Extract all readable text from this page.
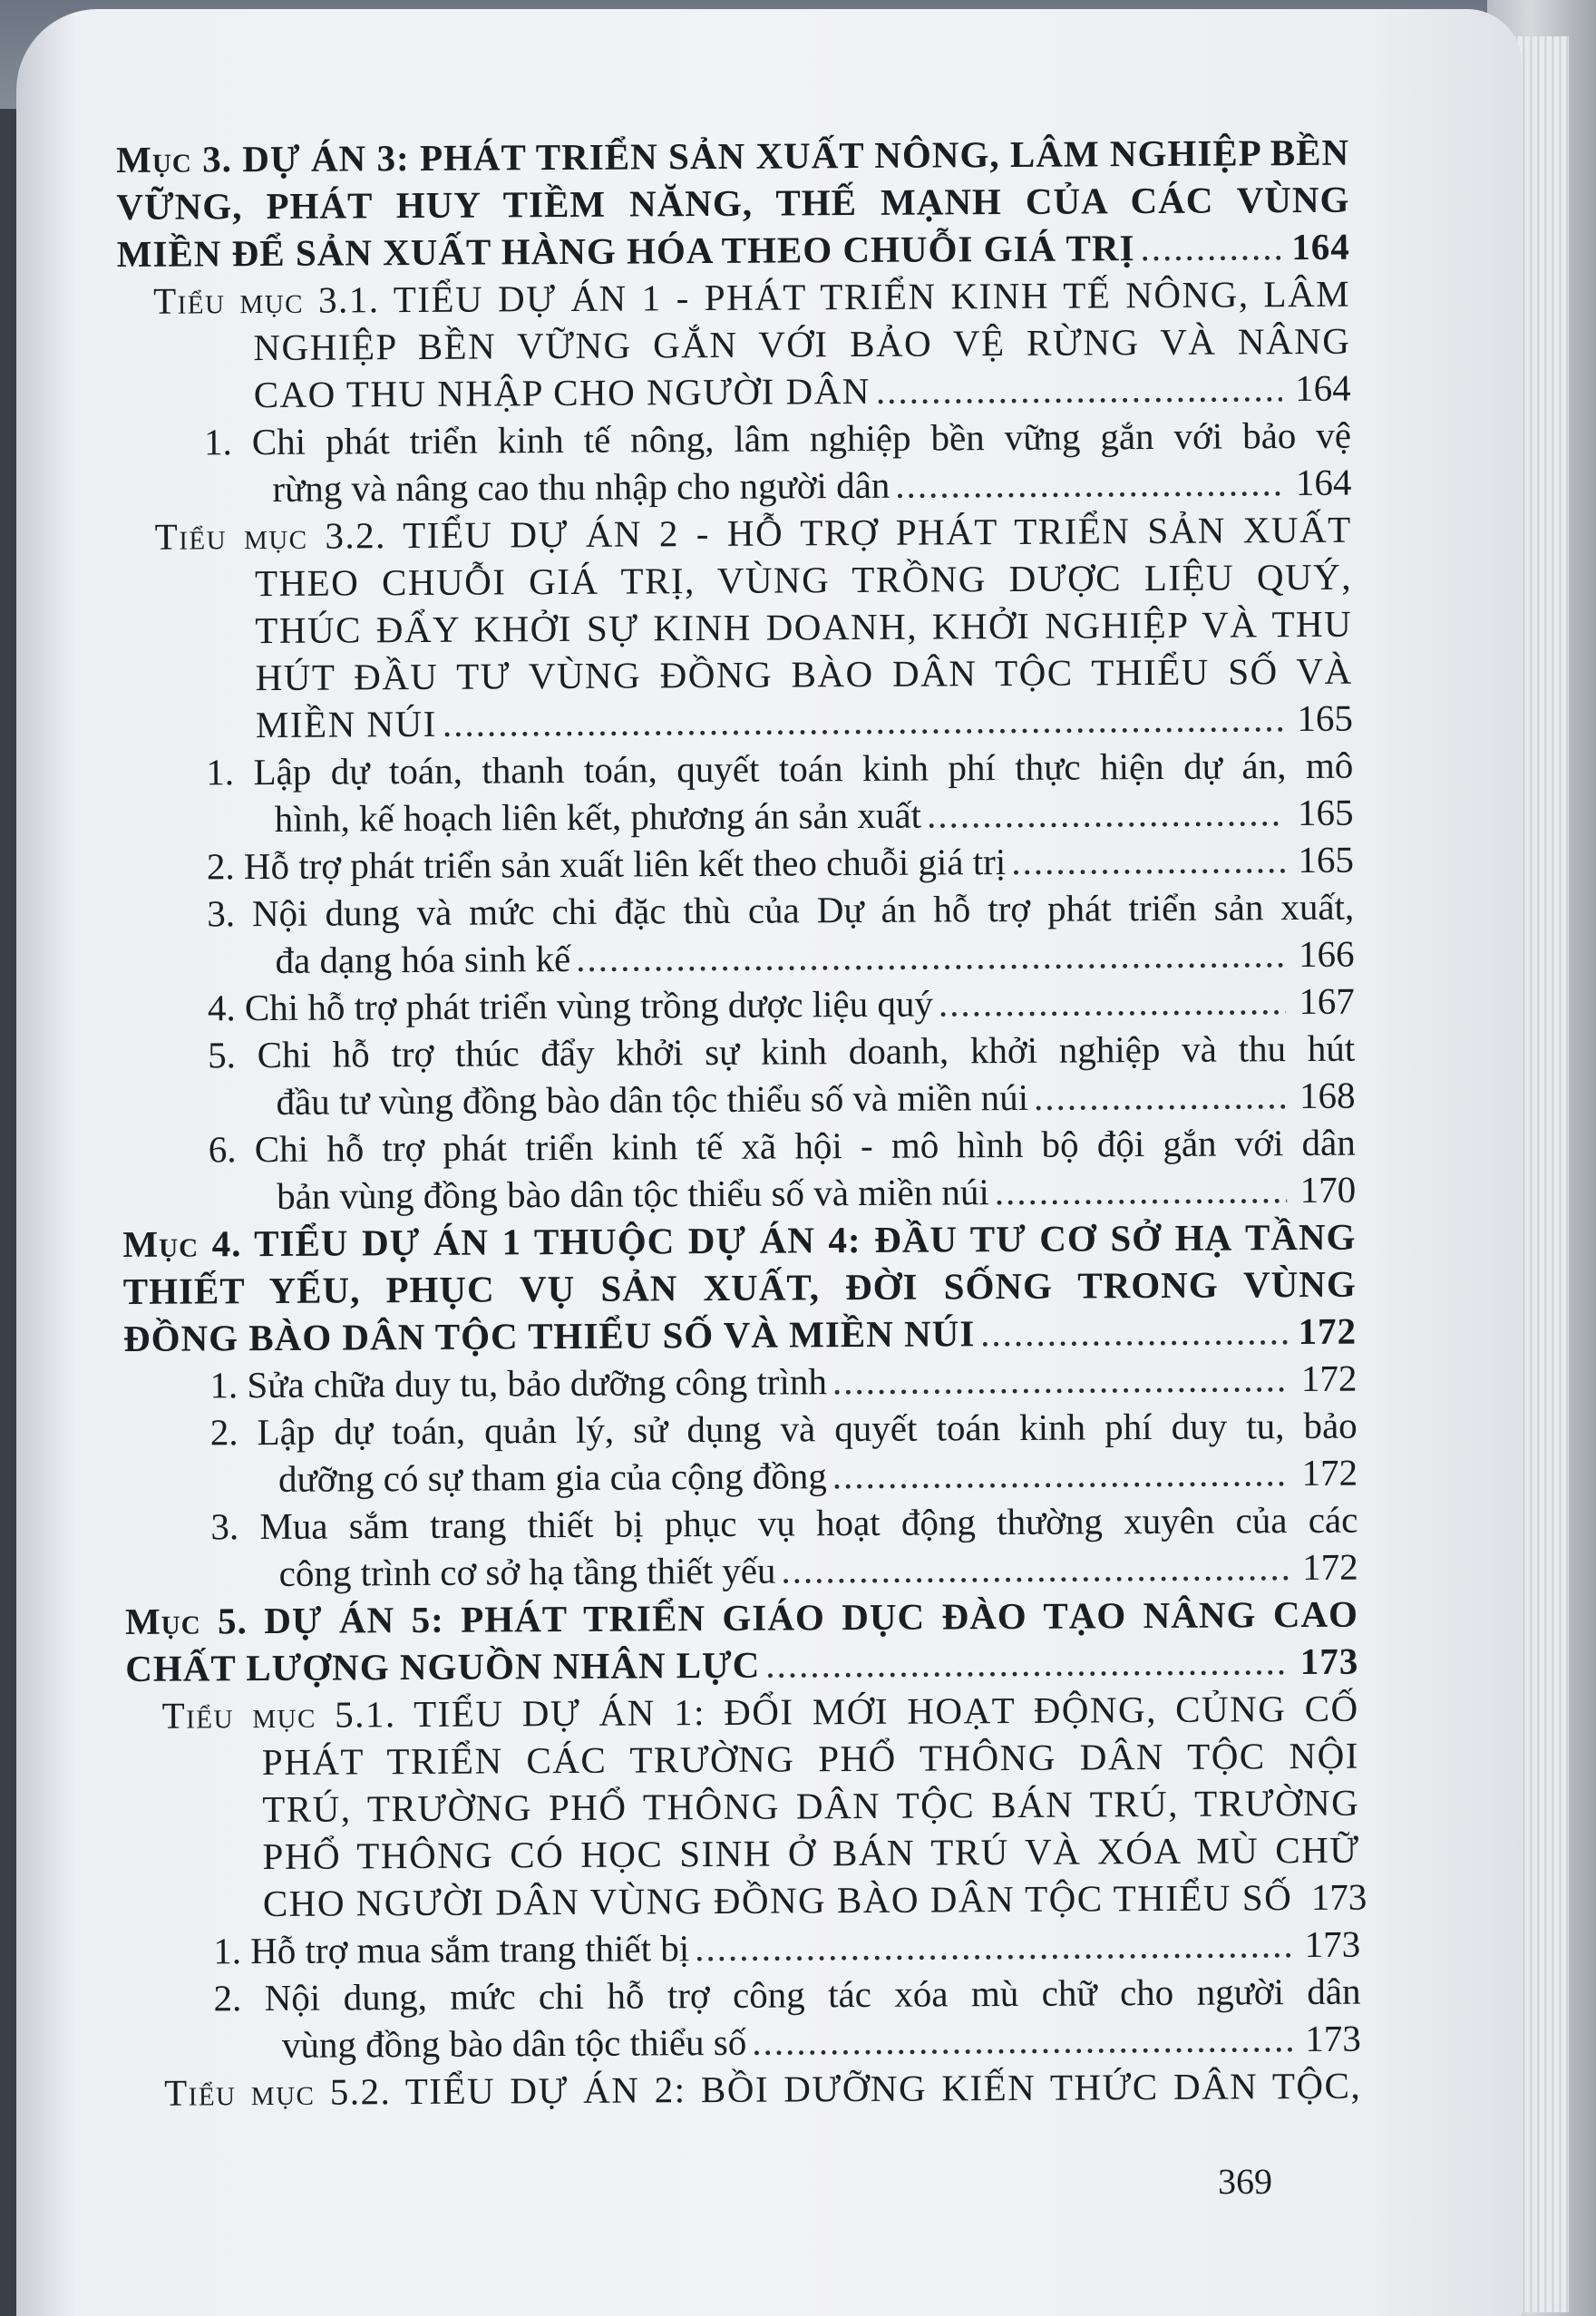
Mục 3. DỰ ÁN 3: PHÁT TRIỂN SẢN XUẤT NÔNG, LÂM NGHIỆP BỀN
VỮNG, PHÁT HUY TIỀM NĂNG, THẾ MẠNH CỦA CÁC VÙNG
MIỀN ĐỂ SẢN XUẤT HÀNG HÓA THEO CHUỖI GIÁ TRỊ .....	164
Tiểu mục 3.1. TIỂU DỰ ÁN 1 - PHÁT TRIỂN KINH TẾ NÔNG, LÂM
NGHIỆP BỀN VỮNG GẮN VỚI BẢO VỆ RỪNG VÀ NÂNG
CAO THU NHẬP CHO NGƯỜI DÂN .....	164
1. Chi phát triển kinh tế nông, lâm nghiệp bền vững gắn với bảo vệ
rừng và nâng cao thu nhập cho người dân .....	164
Tiểu mục 3.2. TIỂU DỰ ÁN 2 - HỖ TRỢ PHÁT TRIỂN SẢN XUẤT
THEO CHUỖI GIÁ TRỊ, VÙNG TRỒNG DƯỢC LIỆU QUÝ,
THÚC ĐẨY KHỞI SỰ KINH DOANH, KHỞI NGHIỆP VÀ THU
HÚT ĐẦU TƯ VÙNG ĐỒNG BÀO DÂN TỘC THIỂU SỐ VÀ
MIỀN NÚI .....	165
1. Lập dự toán, thanh toán, quyết toán kinh phí thực hiện dự án, mô
hình, kế hoạch liên kết, phương án sản xuất .....	165
2. Hỗ trợ phát triển sản xuất liên kết theo chuỗi giá trị .....	165
3. Nội dung và mức chi đặc thù của Dự án hỗ trợ phát triển sản xuất,
đa dạng hóa sinh kế .....	166
4. Chi hỗ trợ phát triển vùng trồng dược liệu quý .....	167
5. Chi hỗ trợ thúc đẩy khởi sự kinh doanh, khởi nghiệp và thu hút
đầu tư vùng đồng bào dân tộc thiểu số và miền núi .....	168
6. Chi hỗ trợ phát triển kinh tế xã hội - mô hình bộ đội gắn với dân
bản vùng đồng bào dân tộc thiểu số và miền núi .....	170
Mục 4. TIỂU DỰ ÁN 1 THUỘC DỰ ÁN 4: ĐẦU TƯ CƠ SỞ HẠ TẦNG
THIẾT YẾU, PHỤC VỤ SẢN XUẤT, ĐỜI SỐNG TRONG VÙNG
ĐỒNG BÀO DÂN TỘC THIỂU SỐ VÀ MIỀN NÚI .....	172
1. Sửa chữa duy tu, bảo dưỡng công trình .....	172
2. Lập dự toán, quản lý, sử dụng và quyết toán kinh phí duy tu, bảo
dưỡng có sự tham gia của cộng đồng .....	172
3. Mua sắm trang thiết bị phục vụ hoạt động thường xuyên của các
công trình cơ sở hạ tầng thiết yếu .....	172
Mục 5. DỰ ÁN 5: PHÁT TRIỂN GIÁO DỤC ĐÀO TẠO NÂNG CAO
CHẤT LƯỢNG NGUỒN NHÂN LỰC .....	173
Tiểu mục 5.1. TIỂU DỰ ÁN 1: ĐỔI MỚI HOẠT ĐỘNG, CỦNG CỐ
PHÁT TRIỂN CÁC TRƯỜNG PHỔ THÔNG DÂN TỘC NỘI
TRÚ, TRƯỜNG PHỔ THÔNG DÂN TỘC BÁN TRÚ, TRƯỜNG
PHỔ THÔNG CÓ HỌC SINH Ở BÁN TRÚ VÀ XÓA MÙ CHỮ
CHO NGƯỜI DÂN VÙNG ĐỒNG BÀO DÂN TỘC THIỂU SỐ ..... 173
1. Hỗ trợ mua sắm trang thiết bị .....	173
2. Nội dung, mức chi hỗ trợ công tác xóa mù chữ cho người dân
vùng đồng bào dân tộc thiểu số .....	173
Tiểu mục 5.2. TIỂU DỰ ÁN 2: BỒI DƯỠNG KIẾN THỨC DÂN TỘC,
369
